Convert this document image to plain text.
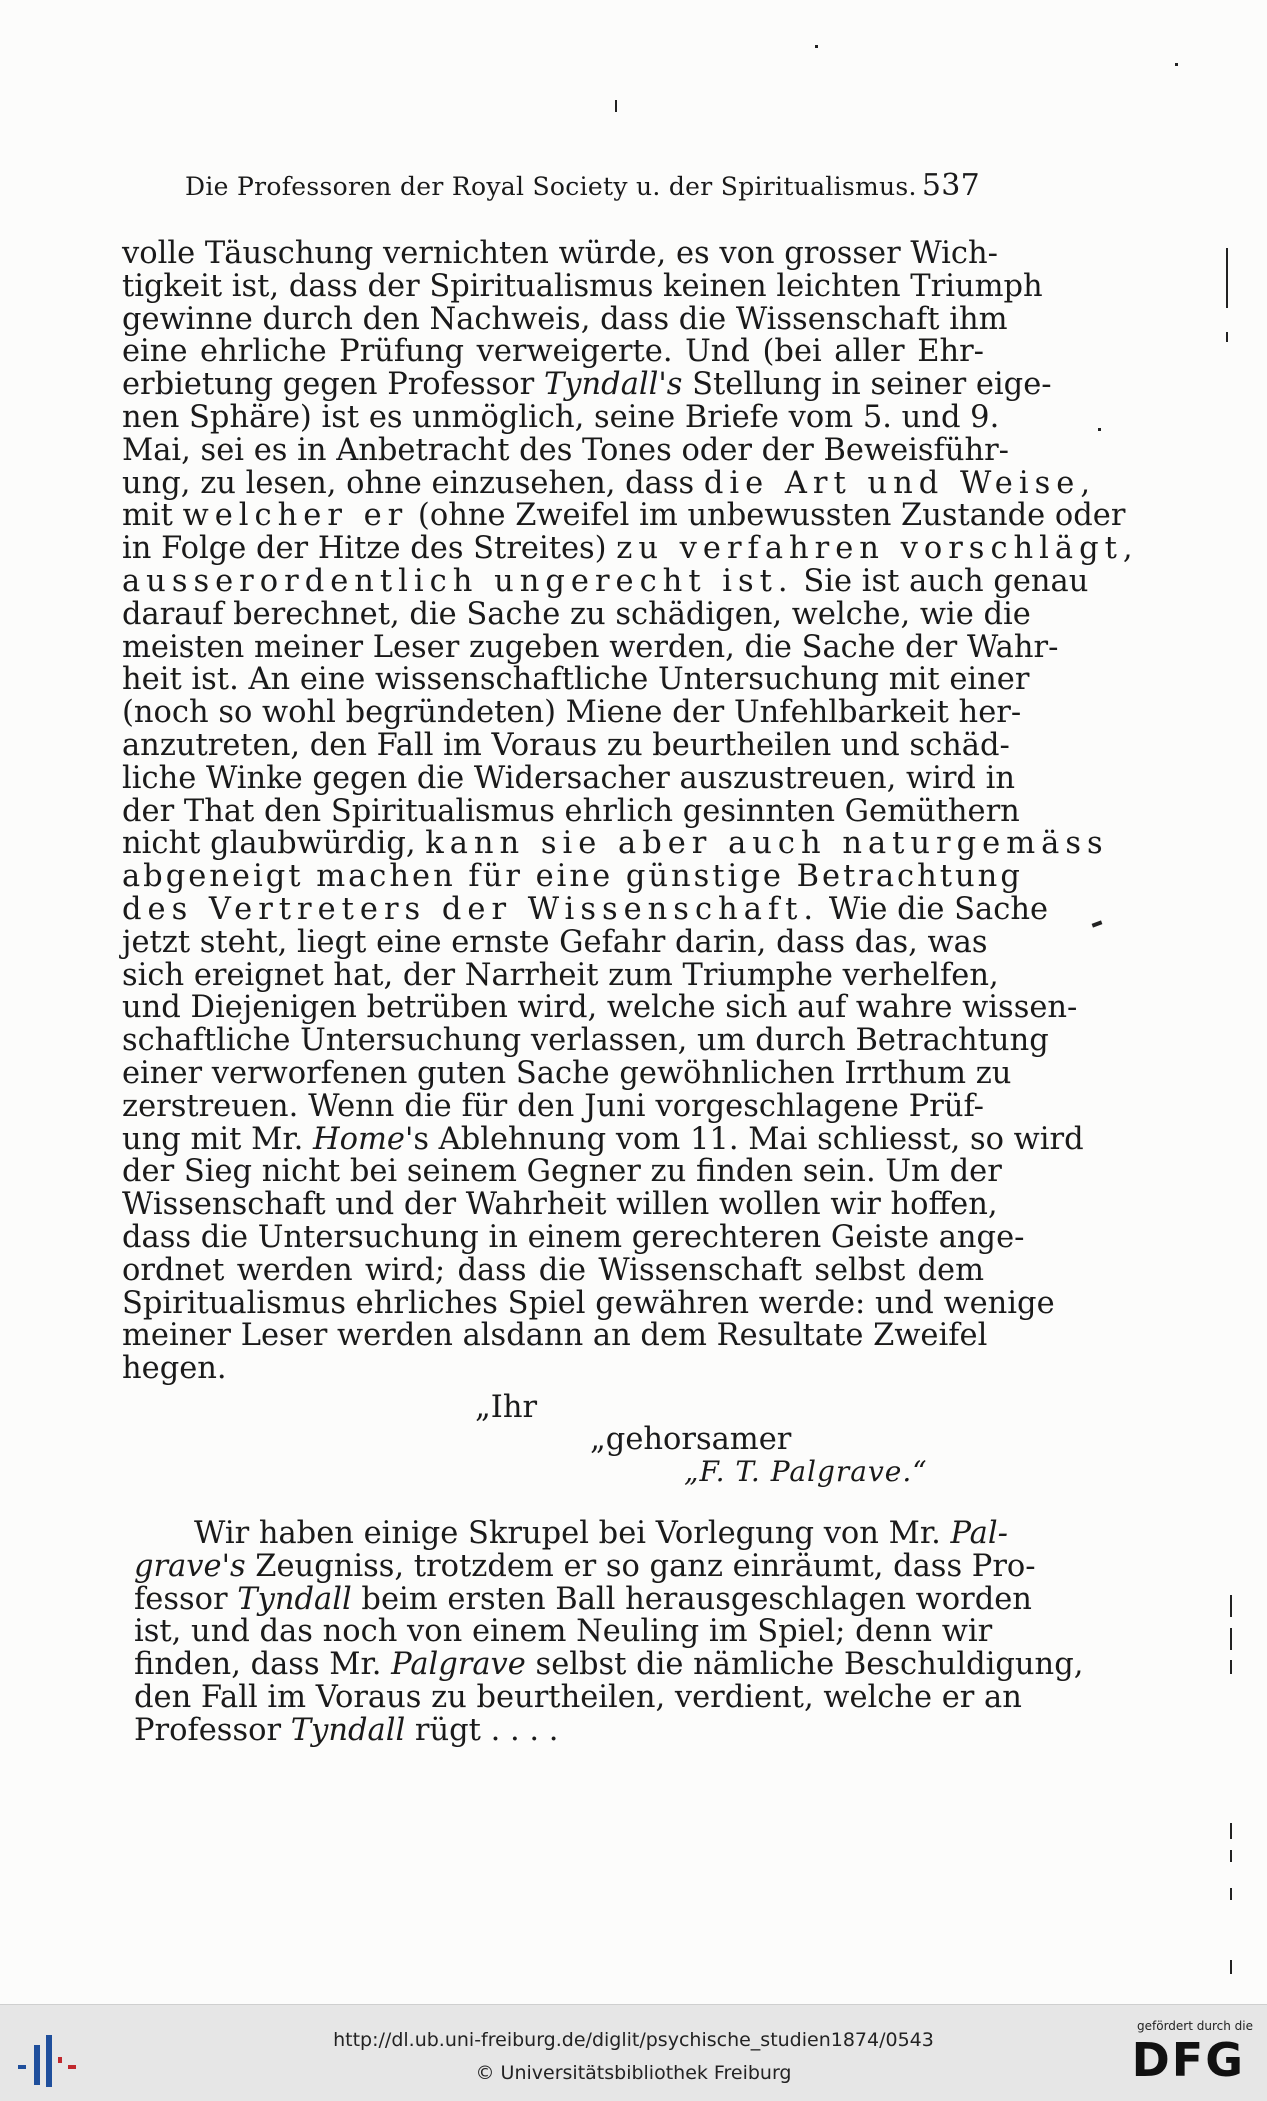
Die Professoren der Royal Society u. der Spiritualismus. 537
volle Täuschung vernichten würde, es von grosser Wich-
tigkeit ist, dass der Spiritualismus keinen leichten Triumph
gewinne durch den Nachweis, dass die Wissenschaft ihm
eine ehrliche Prüfung verweigerte. Und (bei aller Ehr-
erbietung gegen Professor Tyndall's Stellung in seiner eige-
nen Sphäre) ist es unmöglich, seine Briefe vom 5. und 9.
Mai, sei es in Anbetracht des Tones oder der Beweisführ-
ung, zu lesen, ohne einzusehen, dass die Art und Weise,
mit welcher er (ohne Zweifel im unbewussten Zustande oder
in Folge der Hitze des Streites) zu verfahren vorschlägt,
ausserordentlich ungerecht ist. Sie ist auch genau
darauf berechnet, die Sache zu schädigen, welche, wie die
meisten meiner Leser zugeben werden, die Sache der Wahr-
heit ist. An eine wissenschaftliche Untersuchung mit einer
(noch so wohl begründeten) Miene der Unfehlbarkeit her-
anzutreten, den Fall im Voraus zu beurtheilen und schäd-
liche Winke gegen die Widersacher auszustreuen, wird in
der That den Spiritualismus ehrlich gesinnten Gemüthern
nicht glaubwürdig, kann sie aber auch naturgemäss
abgeneigt machen für eine günstige Betrachtung
des Vertreters der Wissenschaft. Wie die Sache
jetzt steht, liegt eine ernste Gefahr darin, dass das, was
sich ereignet hat, der Narrheit zum Triumphe verhelfen,
und Diejenigen betrüben wird, welche sich auf wahre wissen-
schaftliche Untersuchung verlassen, um durch Betrachtung
einer verworfenen guten Sache gewöhnlichen Irrthum zu
zerstreuen. Wenn die für den Juni vorgeschlagene Prüf-
ung mit Mr. Home's Ablehnung vom 11. Mai schliesst, so wird
der Sieg nicht bei seinem Gegner zu finden sein. Um der
Wissenschaft und der Wahrheit willen wollen wir hoffen,
dass die Untersuchung in einem gerechteren Geiste ange-
ordnet werden wird; dass die Wissenschaft selbst dem
Spiritualismus ehrliches Spiel gewähren werde: und wenige
meiner Leser werden alsdann an dem Resultate Zweifel
hegen.
„Ihr
„gehorsamer
„F. T. Palgrave.“
Wir haben einige Skrupel bei Vorlegung von Mr. Pal-
grave's Zeugniss, trotzdem er so ganz einräumt, dass Pro-
fessor Tyndall beim ersten Ball herausgeschlagen worden
ist, und das noch von einem Neuling im Spiel; denn wir
finden, dass Mr. Palgrave selbst die nämliche Beschuldigung,
den Fall im Voraus zu beurtheilen, verdient, welche er an
Professor Tyndall rügt . . . .
http://dl.ub.uni-freiburg.de/diglit/psychische_studien1874/0543
© Universitätsbibliothek Freiburg
gefördert durch die
DFG
